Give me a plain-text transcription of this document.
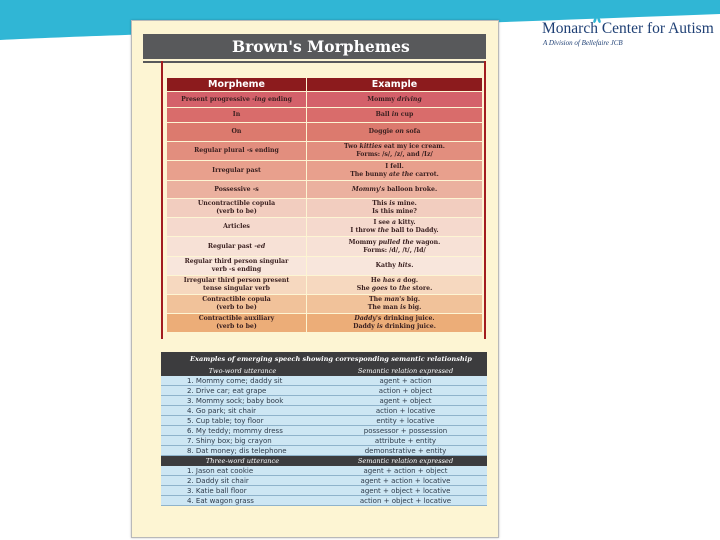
Monarch Center for Autism
A Division of Bellefaire JCB
Brown's Morphemes
Morpheme	Example
Present progressive -ing ending	Mommy driving
In	Ball in cup
On	Doggie on sofa
Regular plural -s ending	Two kitties eat my ice cream.
Forms: /s/, /z/, and /Iz/
Irregular past	I fell.
The bunny ate the carrot.
Possessive -s	Mommy's balloon broke.
Uncontractible copula
(verb to be)	This is mine.
Is this mine?
Articles	I see a kitty.
I throw the ball to Daddy.
Regular past -ed	Mommy pulled the wagon.
Forms: /d/, /t/, /Id/
Regular third person singular
verb -s ending	Kathy hits.
Irregular third person present
tense singular verb	He has a dog.
She goes to the store.
Contractible copula
(verb to be)	The man's big.
The man is big.
Contractible auxiliary
(verb to be)	Daddy's drinking juice.
Daddy is drinking juice.
Examples of emerging speech showing corresponding semantic relationship
Two-word utterance	Semantic relation expressed
1. Mommy come; daddy sit	agent + action
2. Drive car; eat grape	action + object
3. Mommy sock; baby book	agent + object
4. Go park; sit chair	action + locative
5. Cup table; toy floor	entity + locative
6. My teddy; mommy dress	possessor + possession
7. Shiny box; big crayon	attribute + entity
8. Dat money; dis telephone	demonstrative + entity
Three-word utterance	Semantic relation expressed
1. Jason eat cookie	agent + action + object
2. Daddy sit chair	agent + action + locative
3. Katie ball floor	agent + object + locative
4. Eat wagon grass	action + object + locative
